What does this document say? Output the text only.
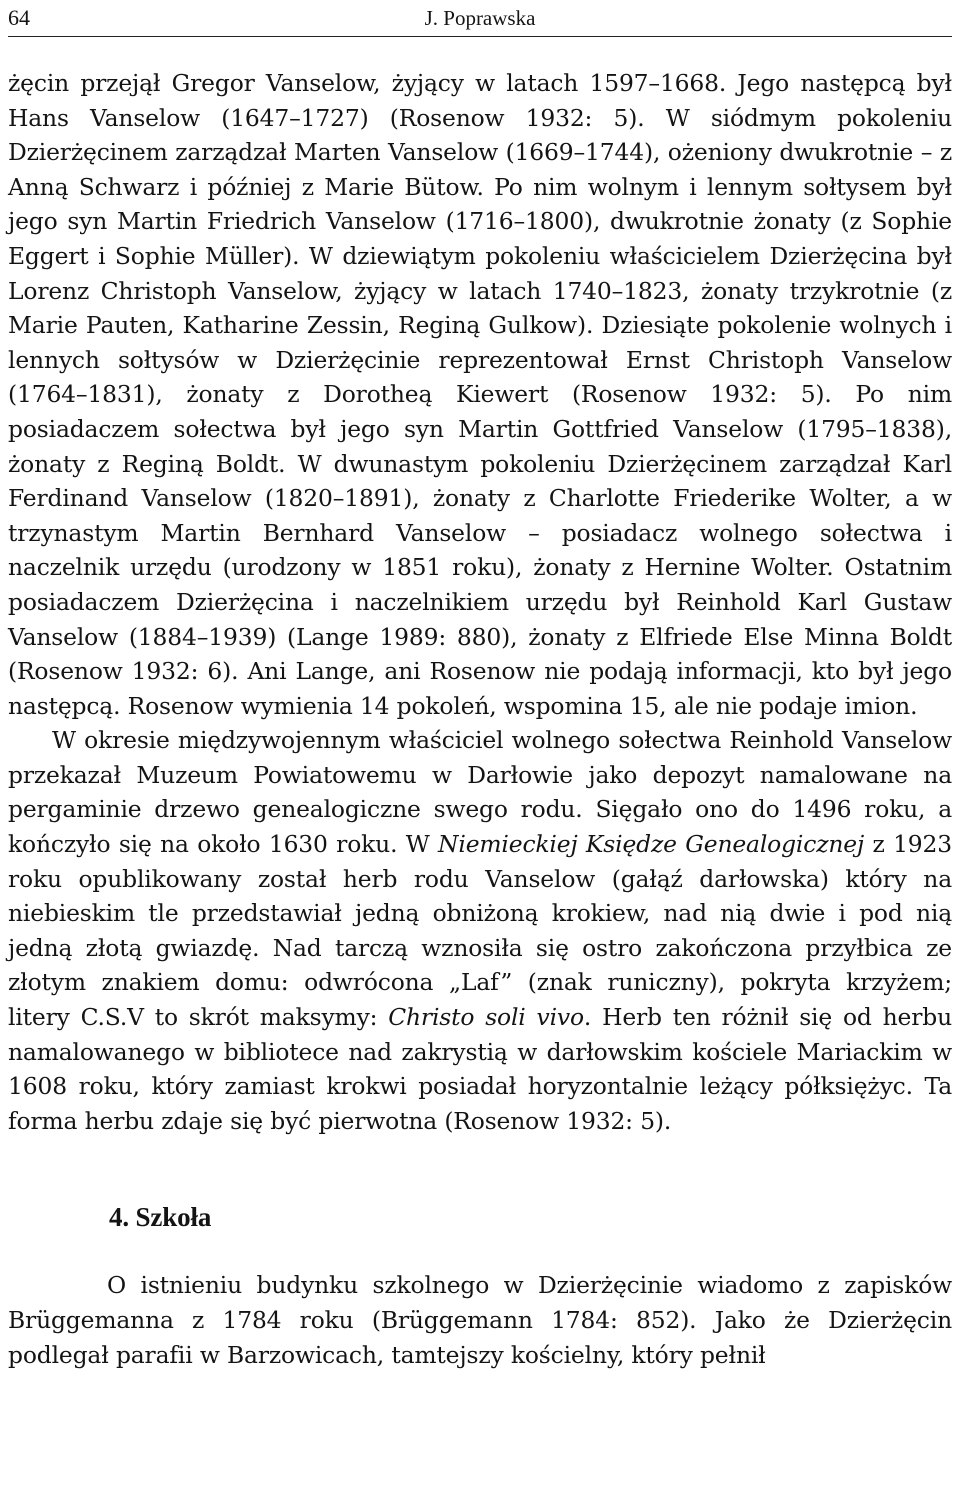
64	J. Poprawska

żęcin przejął Gregor Vanselow, żyjący w latach 1597–1668. Jego następcą był Hans Vanselow (1647–1727) (Rosenow 1932: 5). W siódmym pokoleniu Dzierżęcinem zarządzał Marten Vanselow (1669–1744), ożeniony dwukrotnie – z Anną Schwarz i później z Marie Bütow. Po nim wolnym i lennym sołtysem był jego syn Martin Friedrich Vanselow (1716–1800), dwukrotnie żonaty (z Sophie Eggert i Sophie Müller). W dziewiątym pokoleniu właścicielem Dzierżęcina był Lorenz Christoph Vanselow, żyjący w latach 1740–1823, żonaty trzykrotnie (z Marie Pauten, Katharine Zessin, Reginą Gulkow). Dziesiąte pokolenie wolnych i lennych sołtysów w Dzierżęcinie reprezentował Ernst Christoph Vanselow (1764–1831), żonaty z Dorotheą Kiewert (Rosenow 1932: 5). Po nim posiadaczem sołectwa był jego syn Martin Gottfried Vanselow (1795–1838), żonaty z Reginą Boldt. W dwunastym pokoleniu Dzierżęcinem zarządzał Karl Ferdinand Vanselow (1820–1891), żonaty z Charlotte Friederike Wolter, a w trzynastym Martin Bernhard Vanselow – posiadacz wolnego sołectwa i naczelnik urzędu (urodzony w 1851 roku), żonaty z Hernine Wolter. Ostatnim posiadaczem Dzierżęcina i naczelnikiem urzędu był Reinhold Karl Gustaw Vanselow (1884–1939) (Lange 1989: 880), żonaty z Elfriede Else Minna Boldt (Rosenow 1932: 6). Ani Lange, ani Rosenow nie podają informacji, kto był jego następcą. Rosenow wymienia 14 pokoleń, wspomina 15, ale nie podaje imion.

W okresie międzywojennym właściciel wolnego sołectwa Reinhold Vanselow przekazał Muzeum Powiatowemu w Darłowie jako depozyt namalowane na pergaminie drzewo genealogiczne swego rodu. Sięgało ono do 1496 roku, a kończyło się na około 1630 roku. W Niemieckiej Księdze Genealogicznej z 1923 roku opublikowany został herb rodu Vanselow (gałąź darłowska) który na niebieskim tle przedstawiał jedną obniżoną krokiew, nad nią dwie i pod nią jedną złotą gwiazdę. Nad tarczą wznosiła się ostro zakończona przyłbica ze złotym znakiem domu: odwrócona „Laf” (znak runiczny), pokryta krzyżem; litery C.S.V to skrót maksymy: Christo soli vivo. Herb ten różnił się od herbu namalowanego w bibliotece nad zakrystią w darłowskim kościele Mariackim w 1608 roku, który zamiast krokwi posiadał horyzontalnie leżący półksiężyc. Ta forma herbu zdaje się być pierwotna (Rosenow 1932: 5).

4. Szkoła

O istnieniu budynku szkolnego w Dzierżęcinie wiadomo z zapisków Brüggemanna z 1784 roku (Brüggemann 1784: 852). Jako że Dzierżęcin podlegał parafii w Barzowicach, tamtejszy kościelny, który pełnił
